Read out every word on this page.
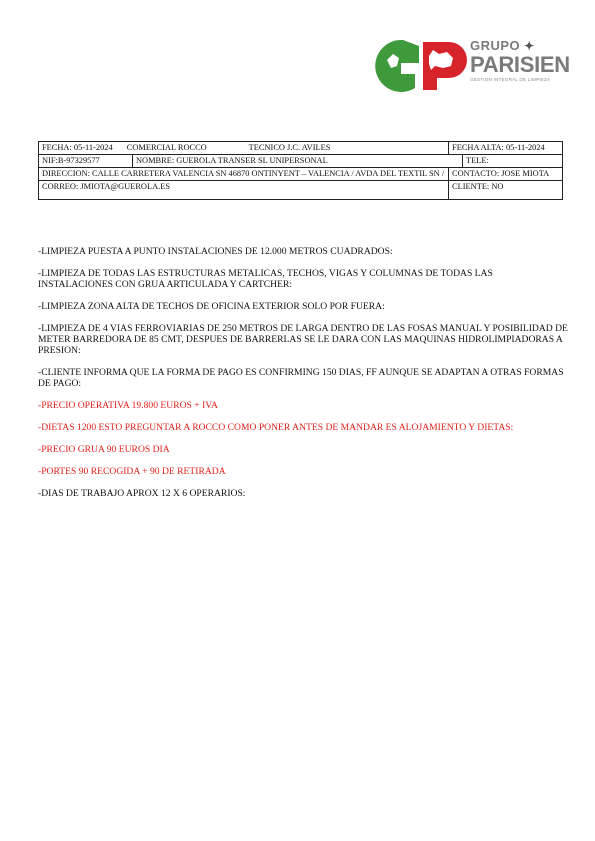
GRUPO ✦
PARISIEN
GESTION INTEGRAL DE LIMPIEZA
FECHA: 05-11-2024 COMERCIAL ROCCO TECNICO J.C. AVILES		FECHA ALTA: 05-11-2024	
NIF:B-97329577	NOMBRE: GUEROLA TRANSER SL UNIPERSONAL		TELE:
DIRECCION: CALLE CARRETERA VALENCIA SN 46870 ONTINYENT – VALENCIA / AVDA DEL TEXTIL SN /		CONTACTO: JOSE MIOTA	
CORREO: JMIOTA@GUEROLA.ES		CLIENTE: NO	

-LIMPIEZA PUESTA A PUNTO INSTALACIONES DE 12.000 METROS CUADRADOS:

-LIMPIEZA DE TODAS LAS ESTRUCTURAS METALICAS, TECHOS, VIGAS Y COLUMNAS DE TODAS LAS INSTALACIONES CON GRUA ARTICULADA Y CARTCHER:

-LIMPIEZA ZONA ALTA DE TECHOS DE OFICINA EXTERIOR SOLO POR FUERA:

-LIMPIEZA DE 4 VIAS FERROVIARIAS DE 250 METROS DE LARGA DENTRO DE LAS FOSAS MANUAL Y POSIBILIDAD DE METER BARREDORA DE 85 CMT, DESPUES DE BARRERLAS SE LE DARA CON LAS MAQUINAS HIDROLIMPIADORAS A PRESION:

-CLIENTE INFORMA QUE LA FORMA DE PAGO ES CONFIRMING 150 DIAS, FF AUNQUE SE ADAPTAN A OTRAS FORMAS DE PAGO:

-PRECIO OPERATIVA 19.800 EUROS + IVA

-DIETAS 1200 ESTO PREGUNTAR A ROCCO COMO PONER ANTES DE MANDAR ES ALOJAMIENTO Y DIETAS:

-PRECIO GRUA 90 EUROS DIA

-PORTES 90 RECOGIDA + 90 DE RETIRADA

-DIAS DE TRABAJO APROX 12 X 6 OPERARIOS:
